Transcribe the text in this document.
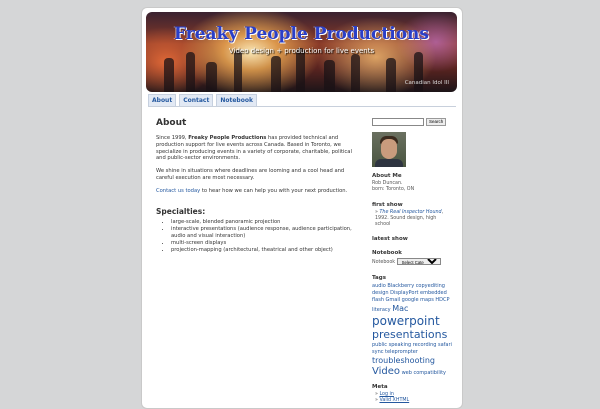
Freaky People Productions
Video design + production for live events
Canadian Idol III
About	Contact	Notebook
About

Since 1999, Freaky People Productions has provided technical and production support for live events across Canada. Based in Toronto, we specialize in producing events in a variety of corporate, charitable, political and public-sector environments.

We shine in situations where deadlines are looming and a cool head and careful execution are most necessary.

Contact us today to hear how we can help you with your next production.

Specialties:
• large-scale, blended panoramic projection
• interactive presentations (audience response, audience participation, audio and visual interaction)
• multi-screen displays
• projection-mapping (architectural, theatrical and other object)
Search
About Me
Rob Duncan.
born: Toronto, ON
first show
» The Real Inspector Hound, 1992. Sound design, high school
latest show
Notebook
Notebook
Select Category
Tags
audio Blackberry copyediting design DisplayPort embedded flash Gmail google maps HDCP literacy Mac powerpoint presentations public speaking recording safari sync teleprompter troubleshooting Video web compatibility
Meta
» Log in
» Valid XHTML
